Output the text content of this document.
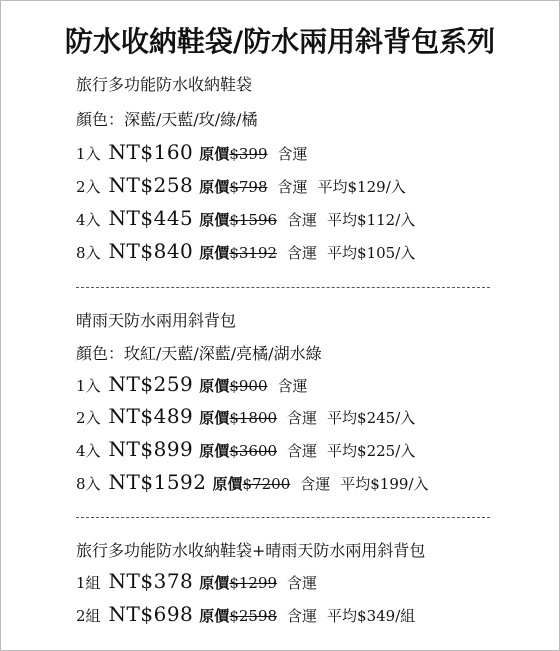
防水收納鞋袋/防水兩用斜背包系列
旅行多功能防水收納鞋袋
顏色：深藍/天藍/玫/綠/橘
1入 NT$160 原價 $399 含運
2入 NT$258 原價 $798 含運 平均$129/入
4入 NT$445 原價 $1596 含運 平均$112/入
8入 NT$840 原價 $3192 含運 平均$105/入
晴雨天防水兩用斜背包
顏色：玫紅/天藍/深藍/亮橘/湖水綠
1入 NT$259 原價 $900 含運
2入 NT$489 原價 $1800 含運 平均$245/入
4入 NT$899 原價 $3600 含運 平均$225/入
8入 NT$1592 原價 $7200 含運 平均$199/入
旅行多功能防水收納鞋袋+晴雨天防水兩用斜背包
1組 NT$378 原價 $1299 含運
2組 NT$698 原價 $2598 含運 平均$349/組
